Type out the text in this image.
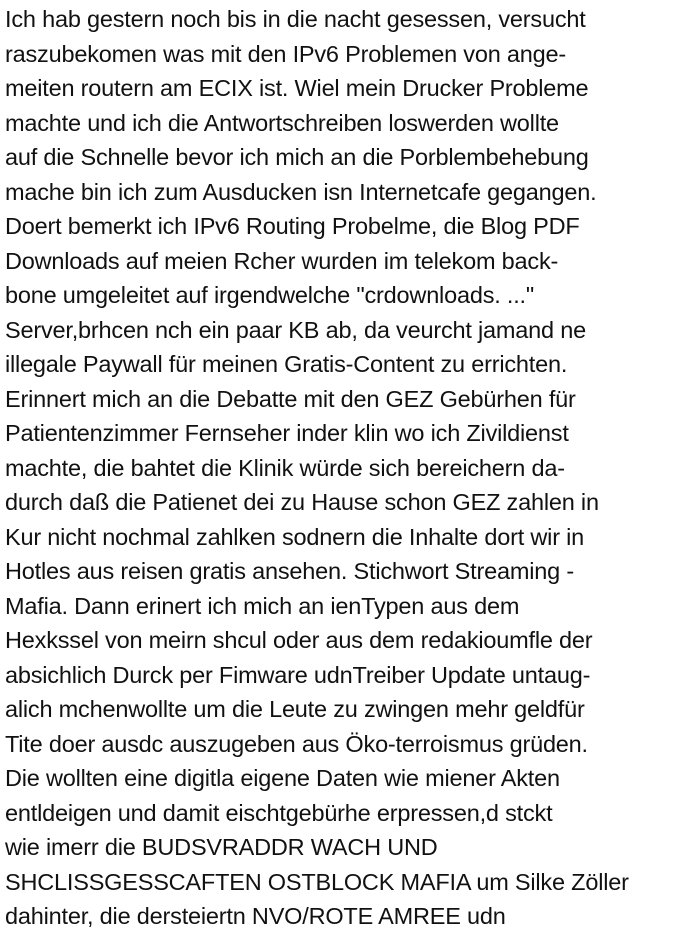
Ich hab gestern noch bis in die nacht gesessen, versucht
raszubekomen was mit den IPv6 Problemen von ange-
meiten routern am ECIX ist. Wiel mein Drucker Probleme
machte und ich die Antwortschreiben loswerden wollte
auf die Schnelle bevor ich mich an die Porblembehebung
mache bin ich zum Ausducken isn Internetcafe gegangen.
Doert bemerkt ich IPv6 Routing Probelme, die Blog PDF
Downloads auf meien Rcher wurden im telekom back-
bone umgeleitet auf irgendwelche "crdownloads. ..."
Server,brhcen nch ein paar KB ab, da veurcht jamand ne
illegale Paywall für meinen Gratis-Content zu errichten.
Erinnert mich an die Debatte mit den GEZ Gebürhen für
Patientenzimmer Fernseher inder klin wo ich Zivildienst
machte, die bahtet die Klinik würde sich bereichern da-
durch daß die Patienet dei zu Hause schon GEZ zahlen in
Kur nicht nochmal zahlken sodnern die Inhalte dort wir in
Hotles aus reisen gratis ansehen. Stichwort Streaming -
Mafia. Dann erinert ich mich an ienTypen aus dem
Hexkssel von meirn shcul oder aus dem redakioumfle der
absichlich Durck per Fimware udnTreiber Update untaug-
alich mchenwollte um die Leute zu zwingen mehr geldfür
Tite doer ausdc auszugeben aus Öko-terroismus grüden.
Die wollten eine digitla eigene Daten wie miener Akten
entldeigen und damit eischtgebürhe erpressen,d stckt
wie imerr die BUDSVRADDR WACH UND
SHCLISSGESSCAFTEN OSTBLOCK MAFIA um Silke Zöller
dahinter, die dersteiertn NVO/ROTE AMREE udn
